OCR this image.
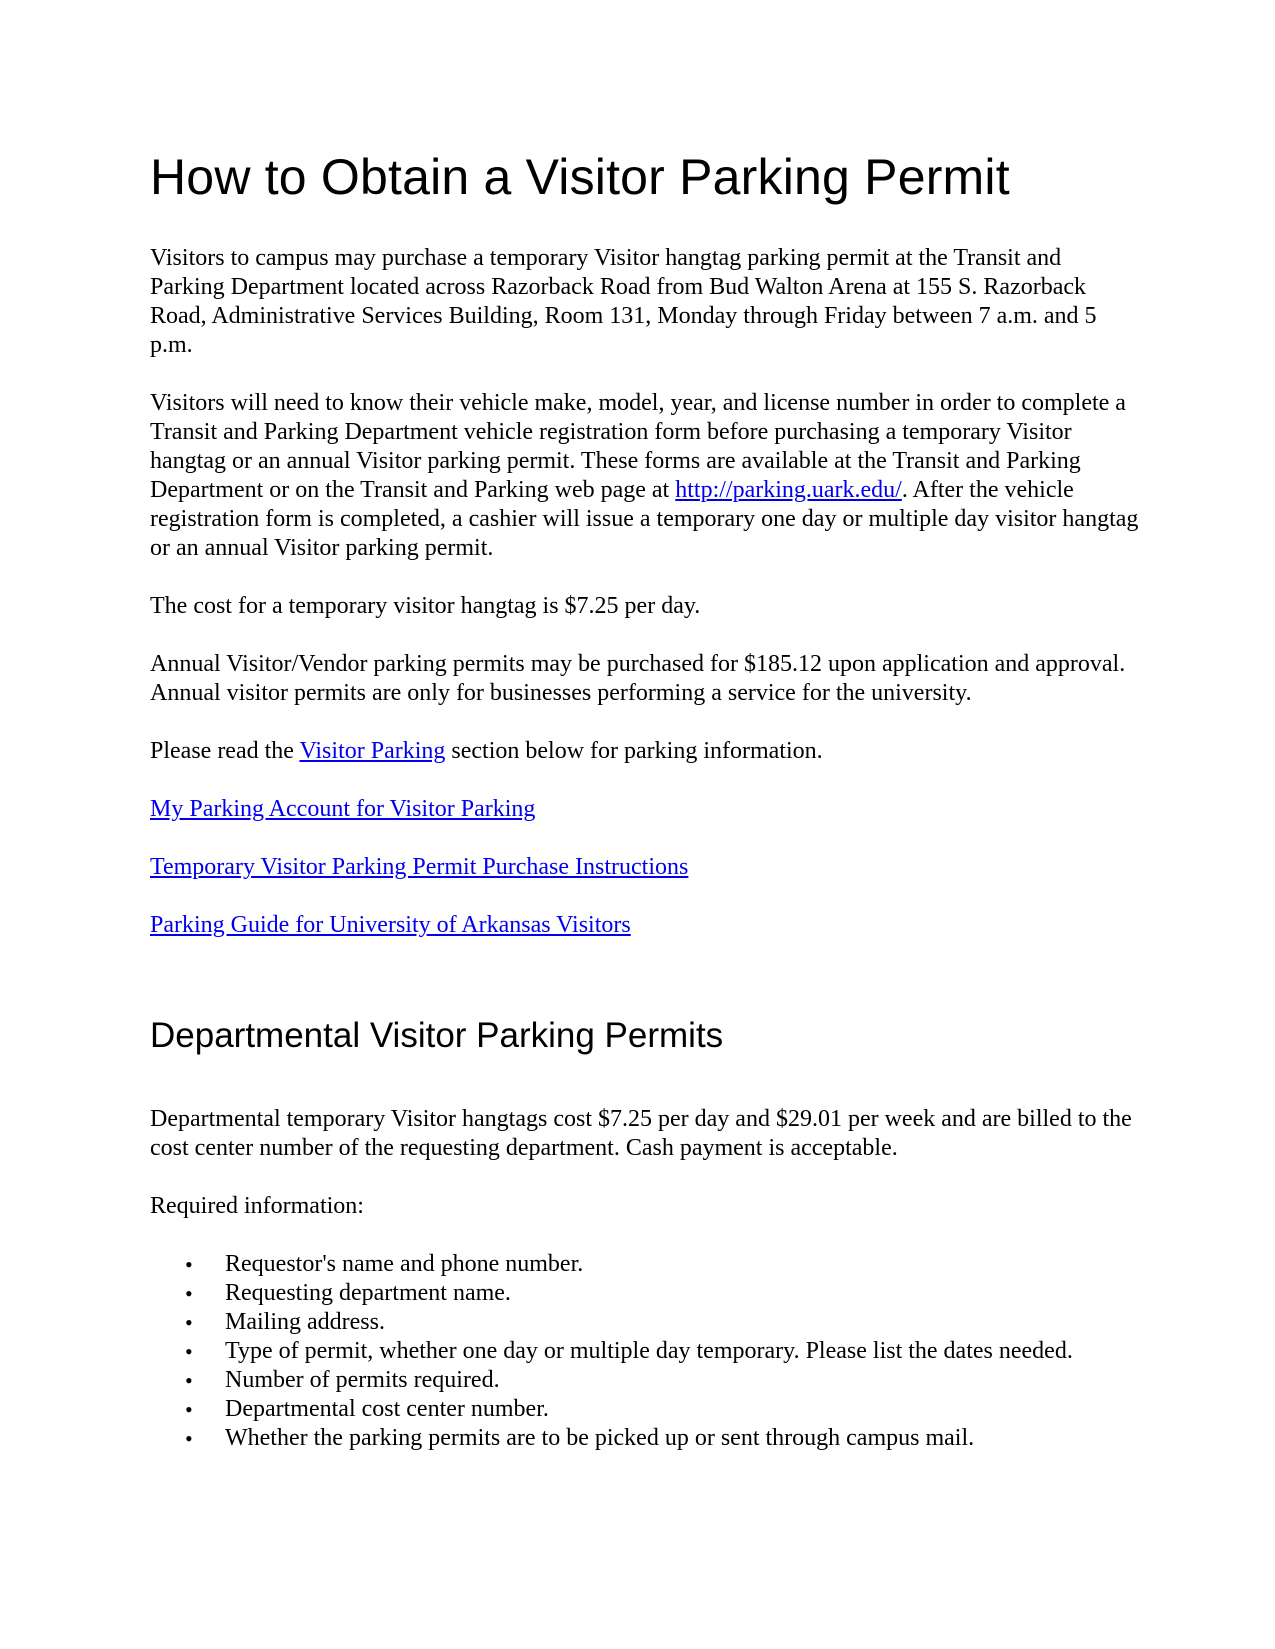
How to Obtain a Visitor Parking Permit

Visitors to campus may purchase a temporary Visitor hangtag parking permit at the Transit and Parking Department located across Razorback Road from Bud Walton Arena at 155 S. Razorback Road, Administrative Services Building, Room 131, Monday through Friday between 7 a.m. and 5 p.m.

Visitors will need to know their vehicle make, model, year, and license number in order to complete a Transit and Parking Department vehicle registration form before purchasing a temporary Visitor hangtag or an annual Visitor parking permit. These forms are available at the Transit and Parking Department or on the Transit and Parking web page at http://parking.uark.edu/. After the vehicle registration form is completed, a cashier will issue a temporary one day or multiple day visitor hangtag or an annual Visitor parking permit.

The cost for a temporary visitor hangtag is $7.25 per day.

Annual Visitor/Vendor parking permits may be purchased for $185.12 upon application and approval. Annual visitor permits are only for businesses performing a service for the university.

Please read the Visitor Parking section below for parking information.

My Parking Account for Visitor Parking

Temporary Visitor Parking Permit Purchase Instructions

Parking Guide for University of Arkansas Visitors

Departmental Visitor Parking Permits

Departmental temporary Visitor hangtags cost $7.25 per day and $29.01 per week and are billed to the cost center number of the requesting department. Cash payment is acceptable.

Required information:

• Requestor's name and phone number.
• Requesting department name.
• Mailing address.
• Type of permit, whether one day or multiple day temporary. Please list the dates needed.
• Number of permits required.
• Departmental cost center number.
• Whether the parking permits are to be picked up or sent through campus mail.
